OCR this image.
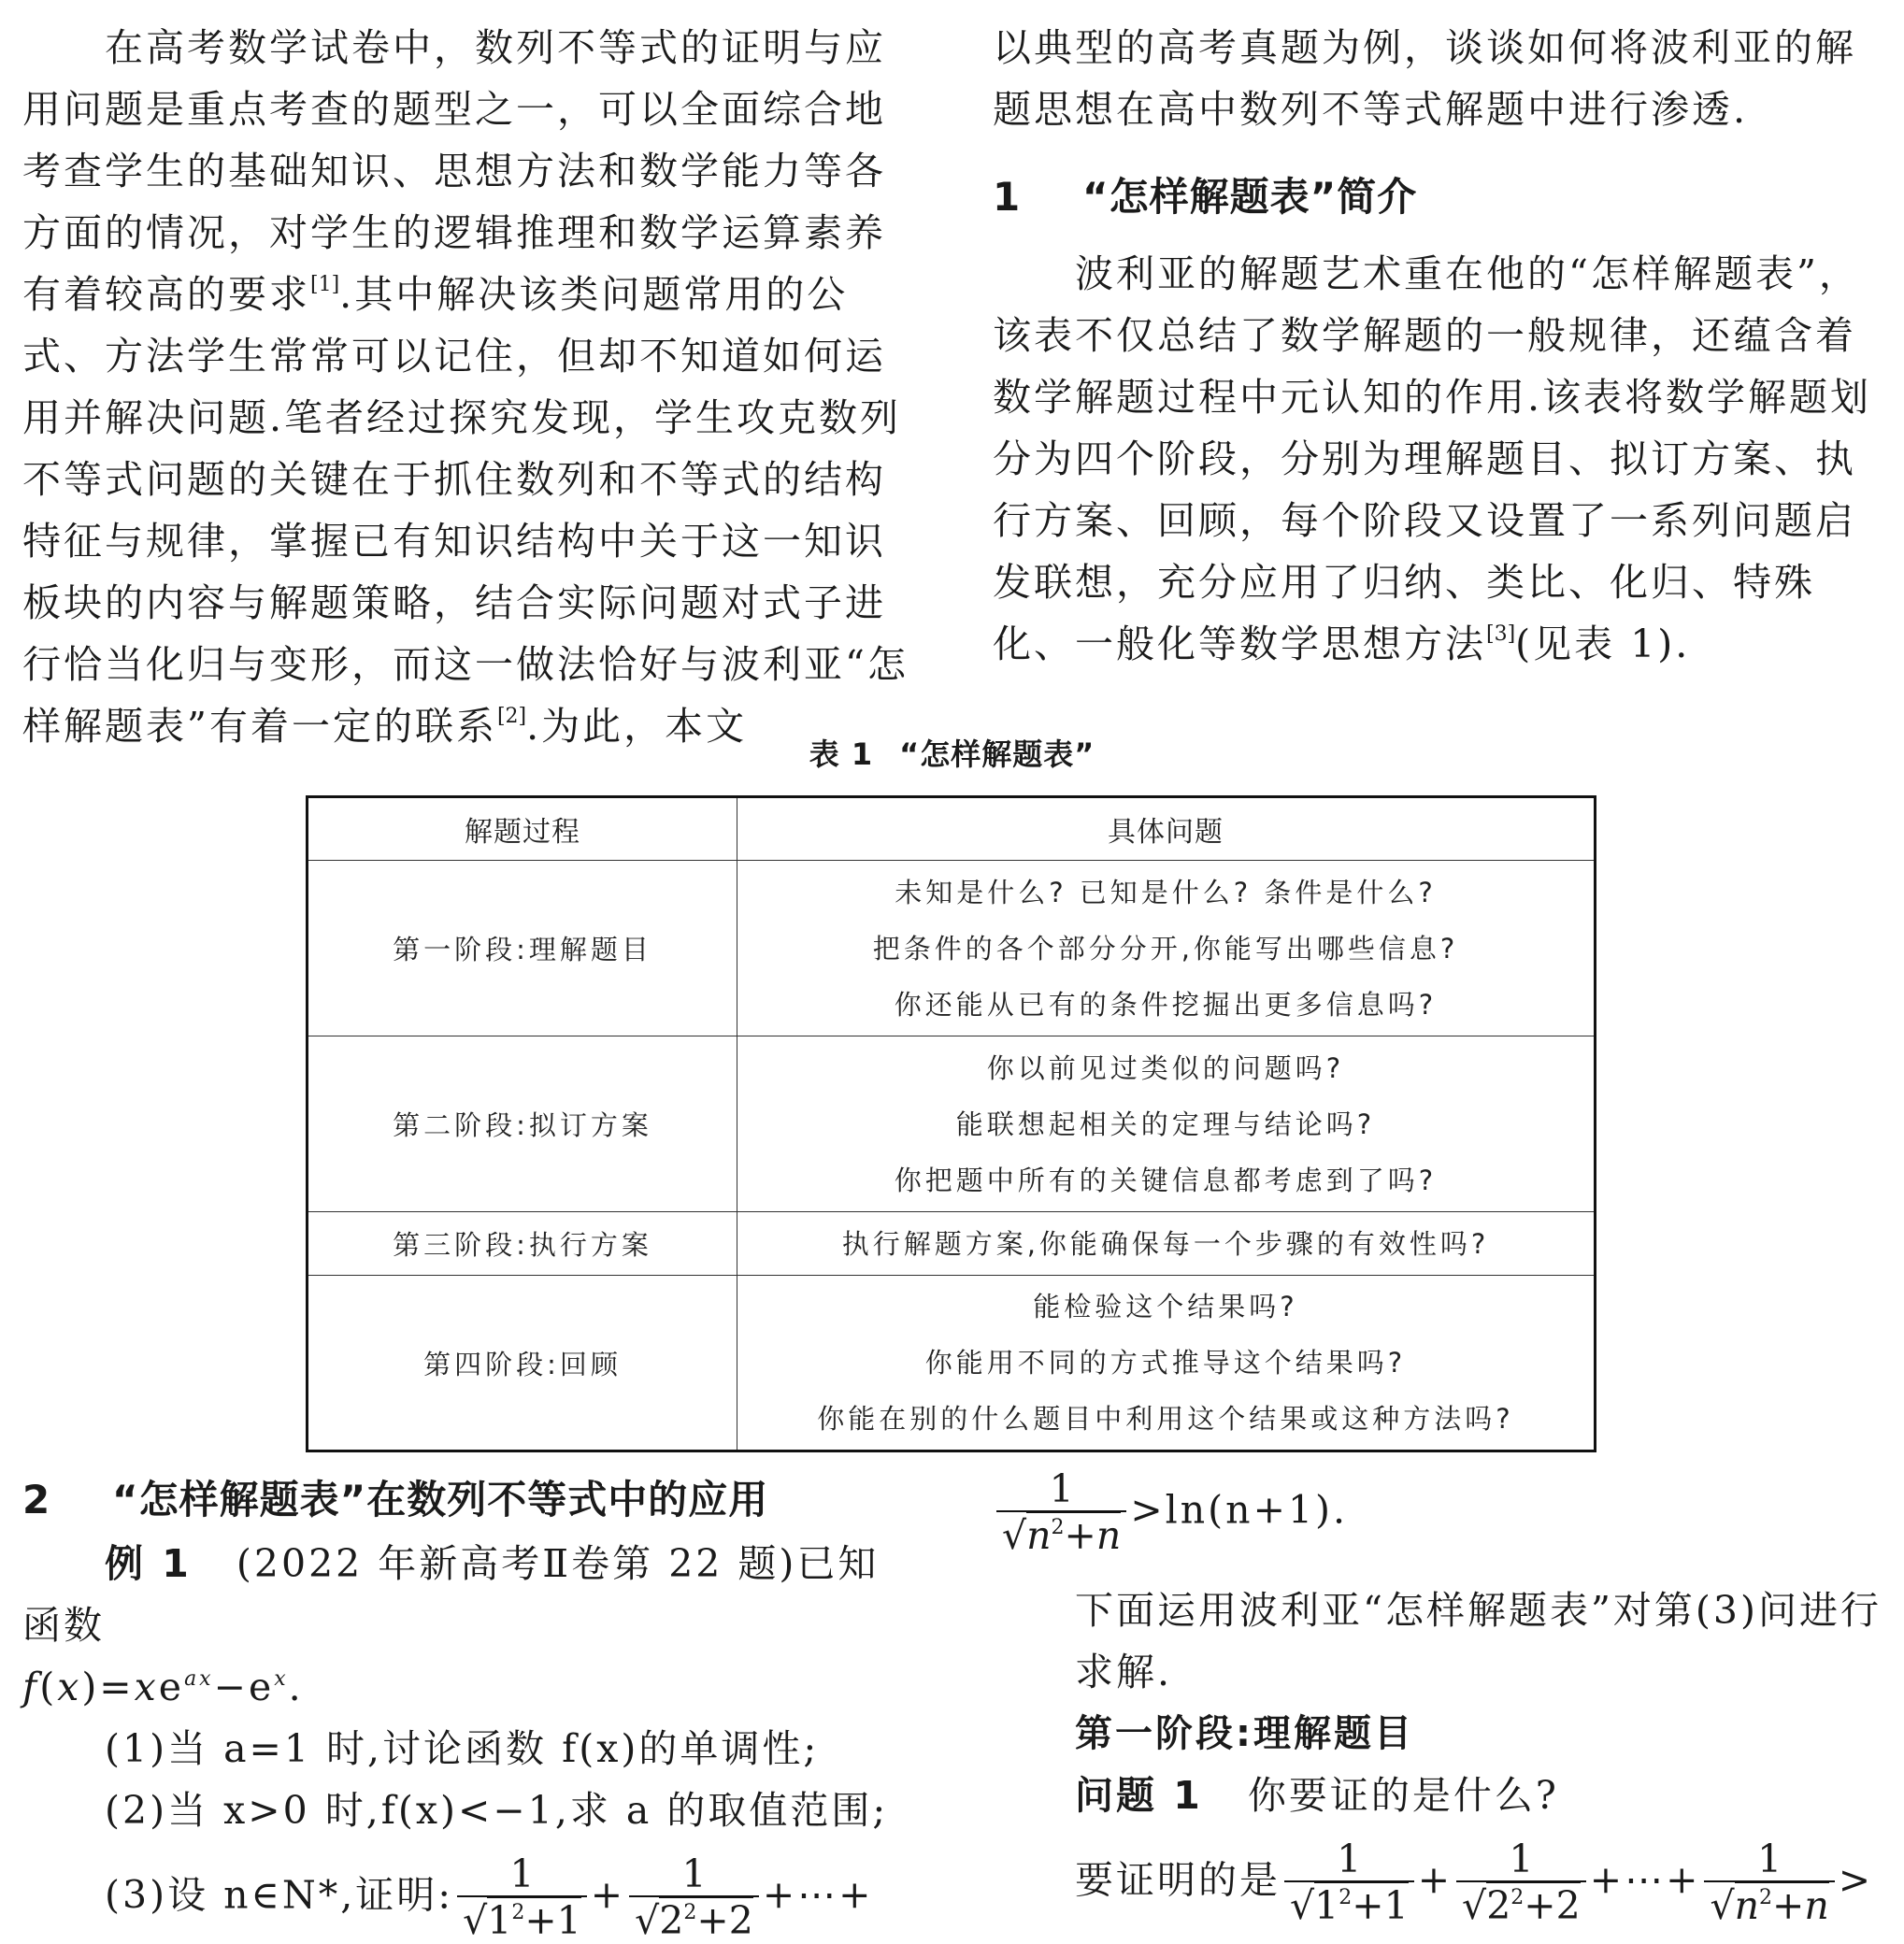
在高考数学试卷中，数列不等式的证明与应用问题是重点考查的题型之一，可以全面综合地考查学生的基础知识、思想方法和数学能力等各方面的情况，对学生的逻辑推理和数学运算素养有着较高的要求[1].其中解决该类问题常用的公式、方法学生常常可以记住，但却不知道如何运用并解决问题.笔者经过探究发现，学生攻克数列不等式问题的关键在于抓住数列和不等式的结构特征与规律，掌握已有知识结构中关于这一知识板块的内容与解题策略，结合实际问题对式子进行恰当化归与变形，而这一做法恰好与波利亚“怎样解题表”有着一定的联系[2].为此，本文

以典型的高考真题为例，谈谈如何将波利亚的解题思想在高中数列不等式解题中进行渗透.

1 “怎样解题表”简介

波利亚的解题艺术重在他的“怎样解题表”，该表不仅总结了数学解题的一般规律，还蕴含着数学解题过程中元认知的作用.该表将数学解题划分为四个阶段，分别为理解题目、拟订方案、执行方案、回顾，每个阶段又设置了一系列问题启发联想，充分应用了归纳、类比、化归、特殊化、一般化等数学思想方法[3](见表 1).

表 1 “怎样解题表”
解题过程	具体问题
第一阶段:理解题目	未知是什么? 已知是什么? 条件是什么?
把条件的各个部分分开,你能写出哪些信息?
你还能从已有的条件挖掘出更多信息吗?

第二阶段:拟订方案	你以前见过类似的问题吗?
能联想起相关的定理与结论吗?
你把题中所有的关键信息都考虑到了吗?

第三阶段:执行方案	执行解题方案,你能确保每一个步骤的有效性吗?

第四阶段:回顾	能检验这个结果吗?
你能用不同的方式推导这个结果吗?
你能在别的什么题目中利用这个结果或这种方法吗?

2 “怎样解题表”在数列不等式中的应用

例 1 (2022 年新高考Ⅱ卷第 22 题)已知函数

$f(x)=xe^{ax}-e^x$.

(1)当 a=1 时,讨论函数 f(x)的单调性;

(2)当 x>0 时,f(x)<−1,求 a 的取值范围;

(3)设 n∈N*,证明: $\frac{1}{√1^2+1} + \frac{1}{√2^2+2}$ +⋯+

$\frac{1}{√n^2+n} >\ln(n+1)$.

下面运用波利亚“怎样解题表”对第(3)问进行求解.

第一阶段:理解题目

问题 1 你要证的是什么?

要证明的是 $\frac{1}{√1^2+1} + \frac{1}{√2^2+2}$ +⋯+ $\frac{1}{√n^2+n}$ >
